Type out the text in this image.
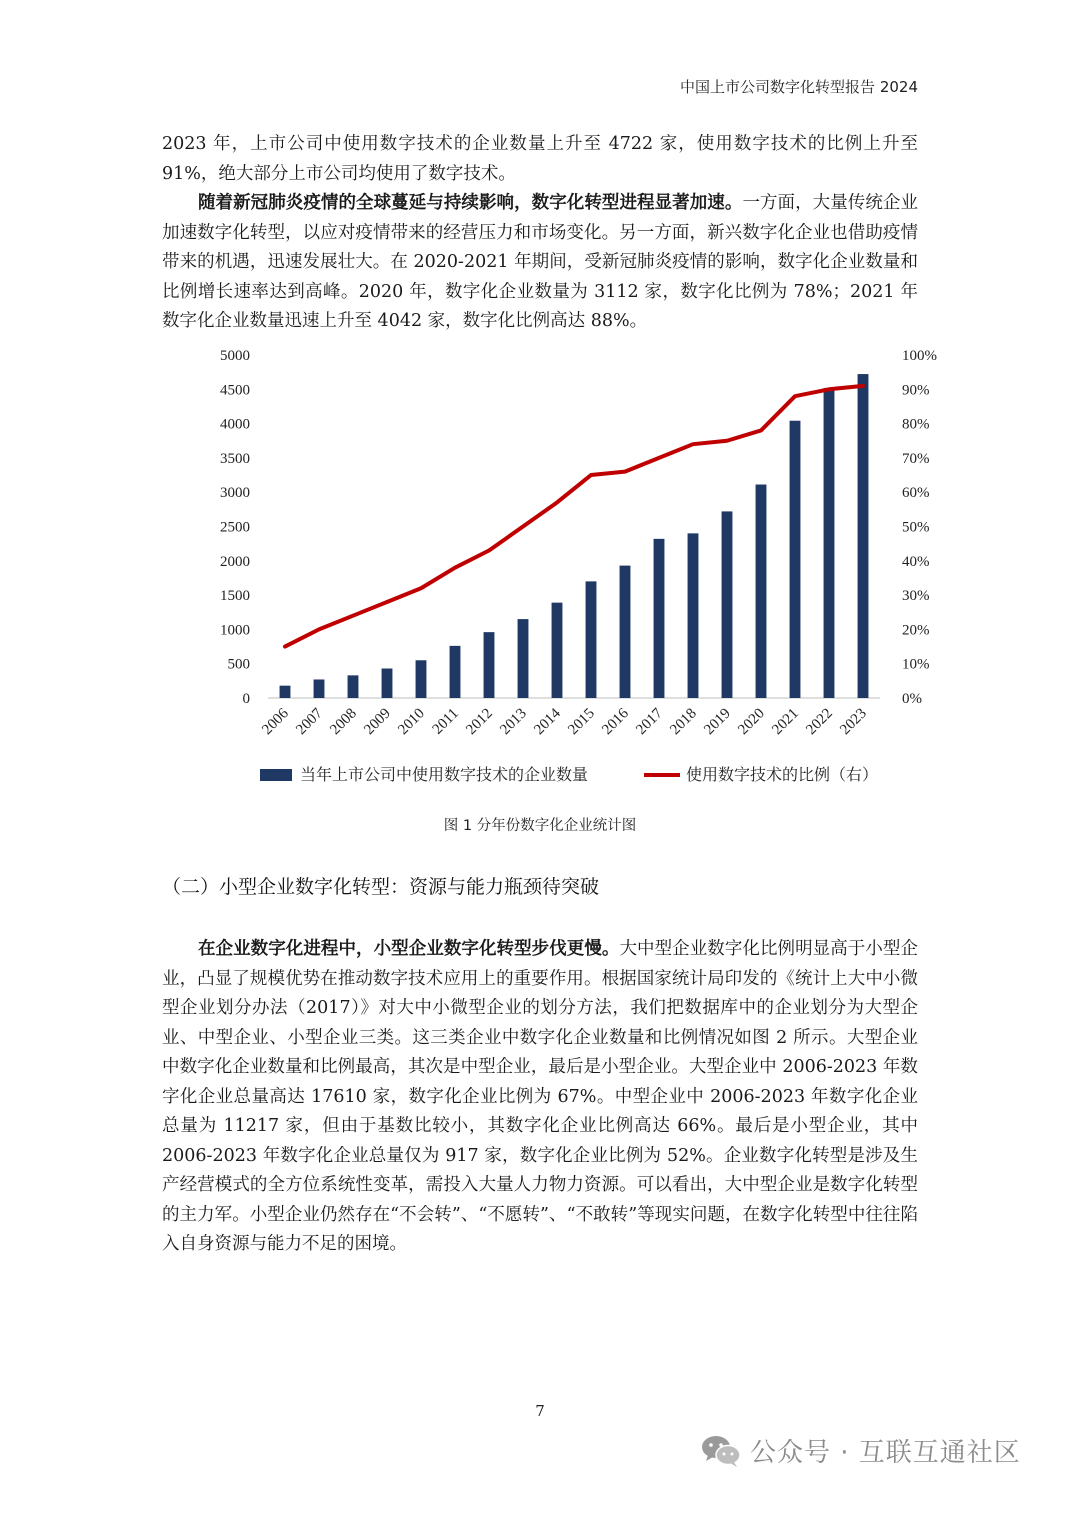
中国上市公司数字化转型报告 2024

2023 年，上市公司中使用数字技术的企业数量上升至 4722 家，使用数字技术的比例上升至 91%，绝大部分上市公司均使用了数字技术。

随着新冠肺炎疫情的全球蔓延与持续影响，数字化转型进程显著加速。一方面，大量传统企业加速数字化转型，以应对疫情带来的经营压力和市场变化。另一方面，新兴数字化企业也借助疫情带来的机遇，迅速发展壮大。在 2020-2021 年期间，受新冠肺炎疫情的影响，数字化企业数量和比例增长速率达到高峰。2020 年，数字化企业数量为 3112 家，数字化比例为 78%；2021 年数字化企业数量迅速上升至 4042 家，数字化比例高达 88%。

0
500
1000
1500
2000
2500
3000
3500
4000
4500
5000
0%
10%
20%
30%
40%
50%
60%
70%
80%
90%
100%
2006 2007 2008 2009 2010 2011 2012 2013 2014 2015 2016 2017 2018 2019 2020 2021 2022 2023
当年上市公司中使用数字技术的企业数量	使用数字技术的比例（右）
图 1 分年份数字化企业统计图
（二）小型企业数字化转型：资源与能力瓶颈待突破

在企业数字化进程中，小型企业数字化转型步伐更慢。大中型企业数字化比例明显高于小型企业，凸显了规模优势在推动数字技术应用上的重要作用。根据国家统计局印发的《统计上大中小微型企业划分办法（2017）》对大中小微型企业的划分方法，我们把数据库中的企业划分为大型企业、中型企业、小型企业三类。这三类企业中数字化企业数量和比例情况如图 2 所示。大型企业中数字化企业数量和比例最高，其次是中型企业，最后是小型企业。大型企业中 2006-2023 年数字化企业总量高达 17610 家，数字化企业比例为 67%。中型企业中 2006-2023 年数字化企业总量为 11217 家，但由于基数比较小，其数字化企业比例高达 66%。最后是小型企业，其中 2006-2023 年数字化企业总量仅为 917 家，数字化企业比例为 52%。企业数字化转型是涉及生产经营模式的全方位系统性变革，需投入大量人力物力资源。可以看出，大中型企业是数字化转型的主力军。小型企业仍然存在“不会转”、“不愿转”、“不敢转”等现实问题，在数字化转型中往往陷入自身资源与能力不足的困境。

7
公众号 · 互联互通社区
